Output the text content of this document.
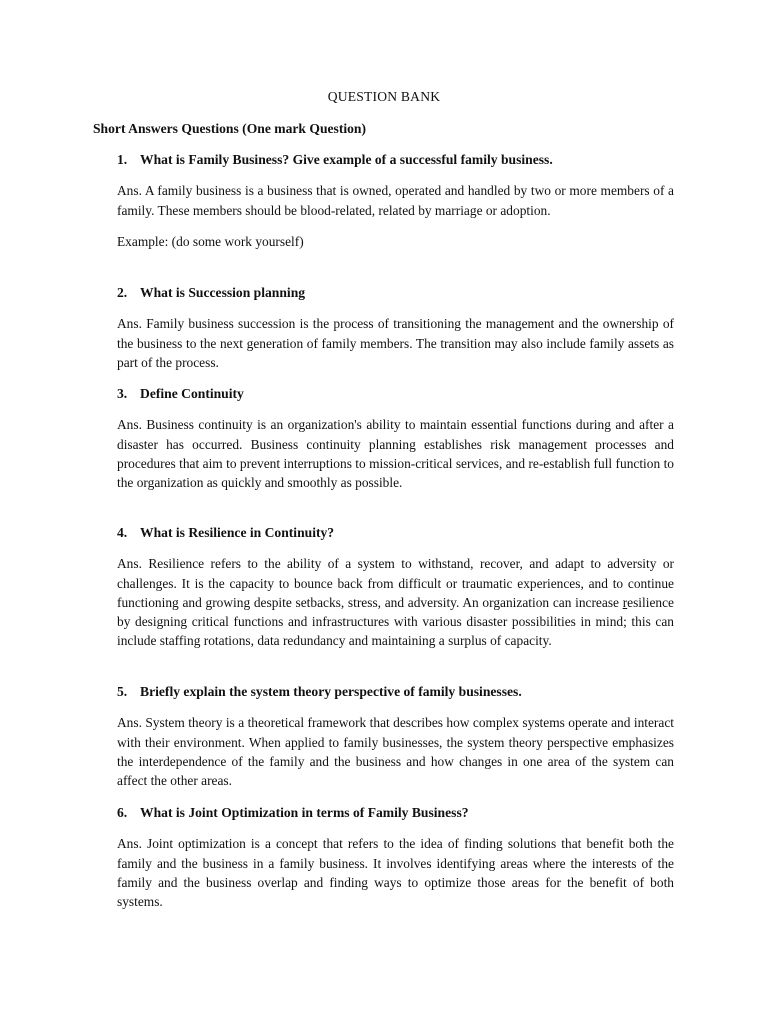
QUESTION BANK
Short Answers Questions (One mark Question)

1. What is Family Business? Give example of a successful family business.

Ans. A family business is a business that is owned, operated and handled by two or more members of a family. These members should be blood-related, related by marriage or adoption.

Example: (do some work yourself)

2. What is Succession planning

Ans. Family business succession is the process of transitioning the management and the ownership of the business to the next generation of family members. The transition may also include family assets as part of the process.

3. Define Continuity

Ans. Business continuity is an organization's ability to maintain essential functions during and after a disaster has occurred. Business continuity planning establishes risk management processes and procedures that aim to prevent interruptions to mission-critical services, and re-establish full function to the organization as quickly and smoothly as possible.

4. What is Resilience in Continuity?

Ans. Resilience refers to the ability of a system to withstand, recover, and adapt to adversity or challenges. It is the capacity to bounce back from difficult or traumatic experiences, and to continue functioning and growing despite setbacks, stress, and adversity. An organization can increase resilience by designing critical functions and infrastructures with various disaster possibilities in mind; this can include staffing rotations, data redundancy and maintaining a surplus of capacity.

5. Briefly explain the system theory perspective of family businesses.

Ans. System theory is a theoretical framework that describes how complex systems operate and interact with their environment. When applied to family businesses, the system theory perspective emphasizes the interdependence of the family and the business and how changes in one area of the system can affect the other areas.

6. What is Joint Optimization in terms of Family Business?

Ans. Joint optimization is a concept that refers to the idea of finding solutions that benefit both the family and the business in a family business. It involves identifying areas where the interests of the family and the business overlap and finding ways to optimize those areas for the benefit of both systems.
